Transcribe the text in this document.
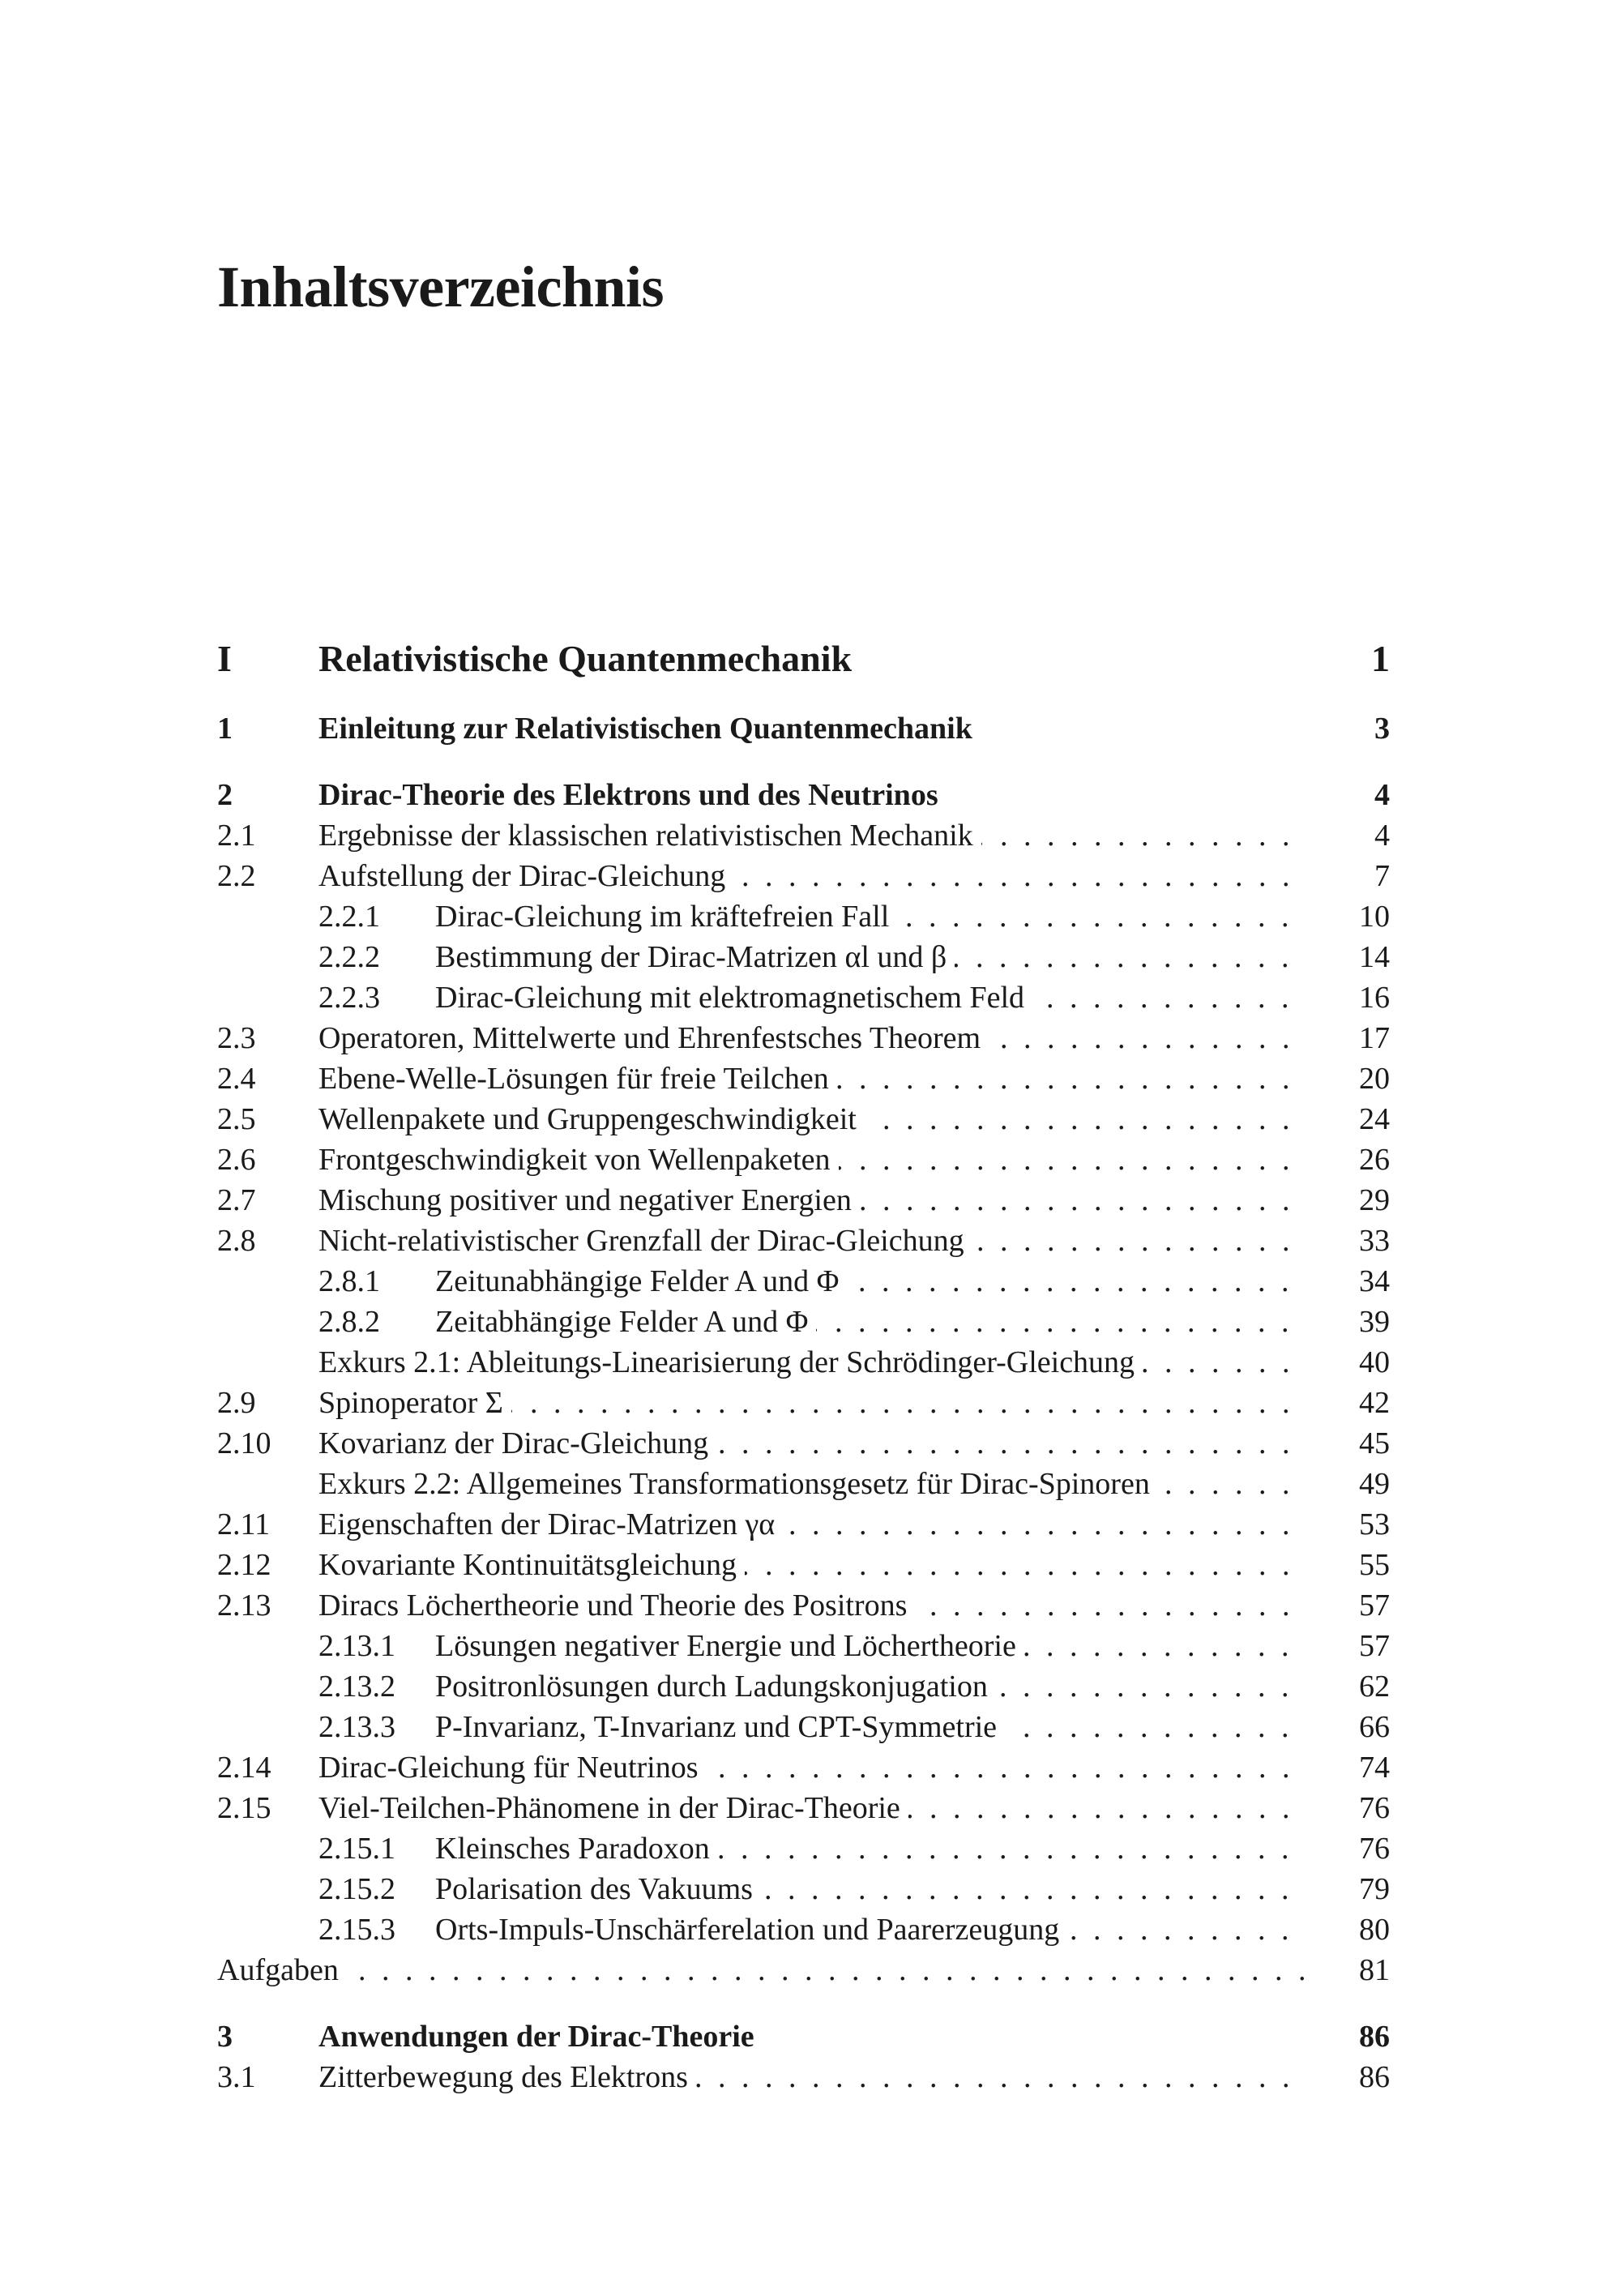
Inhaltsverzeichnis
I Relativistische Quantenmechanik	1
1	Einleitung zur Relativistischen Quantenmechanik	3
2	Dirac-Theorie des Elektrons und des Neutrinos	4
2.1 . . . Ergebnisse der klassischen relativistischen Mechanik	4
2.2 . . . Aufstellung der Dirac-Gleichung	7
2.2.1 . . . Dirac-Gleichung im kräftefreien Fall	10
2.2.2 . . . Bestimmung der Dirac-Matrizen αl und β	14
2.2.3 . . . Dirac-Gleichung mit elektromagnetischem Feld	16
2.3 . . . Operatoren, Mittelwerte und Ehrenfestsches Theorem	17
2.4 . . . Ebene-Welle-Lösungen für freie Teilchen	20
2.5 . . . Wellenpakete und Gruppengeschwindigkeit	24
2.6 . . . Frontgeschwindigkeit von Wellenpaketen	26
2.7 . . . Mischung positiver und negativer Energien	29
2.8 . . . Nicht-relativistischer Grenzfall der Dirac-Gleichung	33
2.8.1 . . . Zeitunabhängige Felder A und Φ	34
2.8.2 . . . Zeitabhängige Felder A und Φ	39
. . .
Exkurs 2.1: Ableitungs-Linearisierung der Schrödinger-Gleichung	40
2.9 . . . Spinoperator Σ	42
2.10 . . . Kovarianz der Dirac-Gleichung	45
. . .
Exkurs 2.2: Allgemeines Transformationsgesetz für Dirac-Spinoren	49
2.11 . . . Eigenschaften der Dirac-Matrizen γα	53
2.12 . . . Kovariante Kontinuitätsgleichung	55
2.13 . . . Diracs Löchertheorie und Theorie des Positrons	57
2.13.1 . . . Lösungen negativer Energie und Löchertheorie	57
2.13.2 . . . Positronlösungen durch Ladungskonjugation	62
2.13.3 . . . P-Invarianz, T-Invarianz und CPT-Symmetrie	66
2.14 . . . Dirac-Gleichung für Neutrinos	74
2.15 . . . Viel-Teilchen-Phänomene in der Dirac-Theorie	76
2.15.1 . . . Kleinsches Paradoxon	76
2.15.2 . . . Polarisation des Vakuums	79
2.15.3 . . . Orts-Impuls-Unschärferelation und Paarerzeugung	80
. . .
Aufgaben	81
3	Anwendungen der Dirac-Theorie	86
3.1 . . . Zitterbewegung des Elektrons	86
